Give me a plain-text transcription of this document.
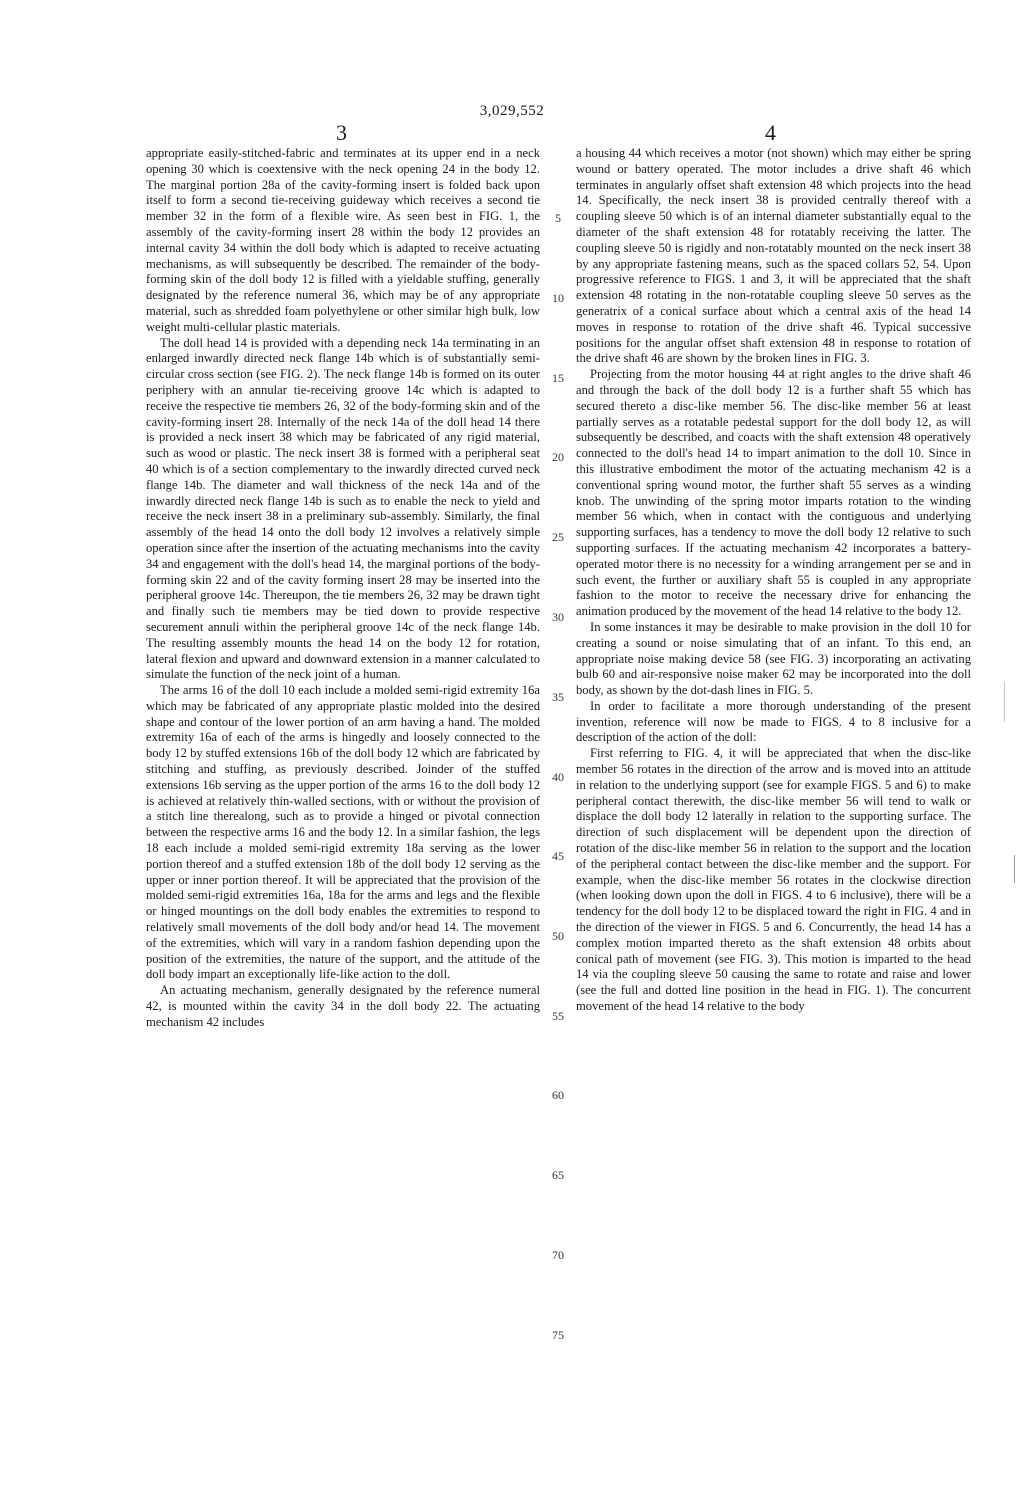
3,029,552
3	4

appropriate easily-stitched-fabric and terminates at its upper end in a neck opening 30 which is coextensive with the neck opening 24 in the body 12. The marginal portion 28a of the cavity-forming insert is folded back upon itself to form a second tie-receiving guideway which receives a second tie member 32 in the form of a flexible wire. As seen best in FIG. 1, the assembly of the cavity-forming insert 28 within the body 12 provides an internal cavity 34 within the doll body which is adapted to receive actuating mechanisms, as will subsequently be described. The remainder of the body-forming skin of the doll body 12 is filled with a yieldable stuffing, generally designated by the reference numeral 36, which may be of any appropriate material, such as shredded foam polyethylene or other similar high bulk, low weight multi-cellular plastic materials.

The doll head 14 is provided with a depending neck 14a terminating in an enlarged inwardly directed neck flange 14b which is of substantially semi-circular cross section (see FIG. 2). The neck flange 14b is formed on its outer periphery with an annular tie-receiving groove 14c which is adapted to receive the respective tie members 26, 32 of the body-forming skin and of the cavity-forming insert 28. Internally of the neck 14a of the doll head 14 there is provided a neck insert 38 which may be fabricated of any rigid material, such as wood or plastic. The neck insert 38 is formed with a peripheral seat 40 which is of a section complementary to the inwardly directed curved neck flange 14b. The diameter and wall thickness of the neck 14a and of the inwardly directed neck flange 14b is such as to enable the neck to yield and receive the neck insert 38 in a preliminary sub-assembly. Similarly, the final assembly of the head 14 onto the doll body 12 involves a relatively simple operation since after the insertion of the actuating mechanisms into the cavity 34 and engagement with the doll's head 14, the marginal portions of the body-forming skin 22 and of the cavity forming insert 28 may be inserted into the peripheral groove 14c. Thereupon, the tie members 26, 32 may be drawn tight and finally such tie members may be tied down to provide respective securement annuli within the peripheral groove 14c of the neck flange 14b. The resulting assembly mounts the head 14 on the body 12 for rotation, lateral flexion and upward and downward extension in a manner calculated to simulate the function of the neck joint of a human.

The arms 16 of the doll 10 each include a molded semi-rigid extremity 16a which may be fabricated of any appropriate plastic molded into the desired shape and contour of the lower portion of an arm having a hand. The molded extremity 16a of each of the arms is hingedly and loosely connected to the body 12 by stuffed extensions 16b of the doll body 12 which are fabricated by stitching and stuffing, as previously described. Joinder of the stuffed extensions 16b serving as the upper portion of the arms 16 to the doll body 12 is achieved at relatively thin-walled sections, with or without the provision of a stitch line therealong, such as to provide a hinged or pivotal connection between the respective arms 16 and the body 12. In a similar fashion, the legs 18 each include a molded semi-rigid extremity 18a serving as the lower portion thereof and a stuffed extension 18b of the doll body 12 serving as the upper or inner portion thereof. It will be appreciated that the provision of the molded semi-rigid extremities 16a, 18a for the arms and legs and the flexible or hinged mountings on the doll body enables the extremities to respond to relatively small movements of the doll body and/or head 14. The movement of the extremities, which will vary in a random fashion depending upon the position of the extremities, the nature of the support, and the attitude of the doll body impart an exceptionally life-like action to the doll.

An actuating mechanism, generally designated by the reference numeral 42, is mounted within the cavity 34 in the doll body 22. The actuating mechanism 42 includes

a housing 44 which receives a motor (not shown) which may either be spring wound or battery operated. The motor includes a drive shaft 46 which terminates in angularly offset shaft extension 48 which projects into the head 14. Specifically, the neck insert 38 is provided centrally thereof with a coupling sleeve 50 which is of an internal diameter substantially equal to the diameter of the shaft extension 48 for rotatably receiving the latter. The coupling sleeve 50 is rigidly and non-rotatably mounted on the neck insert 38 by any appropriate fastening means, such as the spaced collars 52, 54. Upon progressive reference to FIGS. 1 and 3, it will be appreciated that the shaft extension 48 rotating in the non-rotatable coupling sleeve 50 serves as the generatrix of a conical surface about which a central axis of the head 14 moves in response to rotation of the drive shaft 46. Typical successive positions for the angular offset shaft extension 48 in response to rotation of the drive shaft 46 are shown by the broken lines in FIG. 3.

Projecting from the motor housing 44 at right angles to the drive shaft 46 and through the back of the doll body 12 is a further shaft 55 which has secured thereto a disc-like member 56. The disc-like member 56 at least partially serves as a rotatable pedestal support for the doll body 12, as will subsequently be described, and coacts with the shaft extension 48 operatively connected to the doll's head 14 to impart animation to the doll 10. Since in this illustrative embodiment the motor of the actuating mechanism 42 is a conventional spring wound motor, the further shaft 55 serves as a winding knob. The unwinding of the spring motor imparts rotation to the winding member 56 which, when in contact with the contiguous and underlying supporting surfaces, has a tendency to move the doll body 12 relative to such supporting surfaces. If the actuating mechanism 42 incorporates a battery-operated motor there is no necessity for a winding arrangement per se and in such event, the further or auxiliary shaft 55 is coupled in any appropriate fashion to the motor to receive the necessary drive for enhancing the animation produced by the movement of the head 14 relative to the body 12.

In some instances it may be desirable to make provision in the doll 10 for creating a sound or noise simulating that of an infant. To this end, an appropriate noise making device 58 (see FIG. 3) incorporating an activating bulb 60 and air-responsive noise maker 62 may be incorporated into the doll body, as shown by the dot-dash lines in FIG. 5.

In order to facilitate a more thorough understanding of the present invention, reference will now be made to FIGS. 4 to 8 inclusive for a description of the action of the doll:

First referring to FIG. 4, it will be appreciated that when the disc-like member 56 rotates in the direction of the arrow and is moved into an attitude in relation to the underlying support (see for example FIGS. 5 and 6) to make peripheral contact therewith, the disc-like member 56 will tend to walk or displace the doll body 12 laterally in relation to the supporting surface. The direction of such displacement will be dependent upon the direction of rotation of the disc-like member 56 in relation to the support and the location of the peripheral contact between the disc-like member and the support. For example, when the disc-like member 56 rotates in the clockwise direction (when looking down upon the doll in FIGS. 4 to 6 inclusive), there will be a tendency for the doll body 12 to be displaced toward the right in FIG. 4 and in the direction of the viewer in FIGS. 5 and 6. Concurrently, the head 14 has a complex motion imparted thereto as the shaft extension 48 orbits about conical path of movement (see FIG. 3). This motion is imparted to the head 14 via the coupling sleeve 50 causing the same to rotate and raise and lower (see the full and dotted line position in the head in FIG. 1). The concurrent movement of the head 14 relative to the body

5
10
15
20
25
30
35
40
45
50
55
60
65
70
75
